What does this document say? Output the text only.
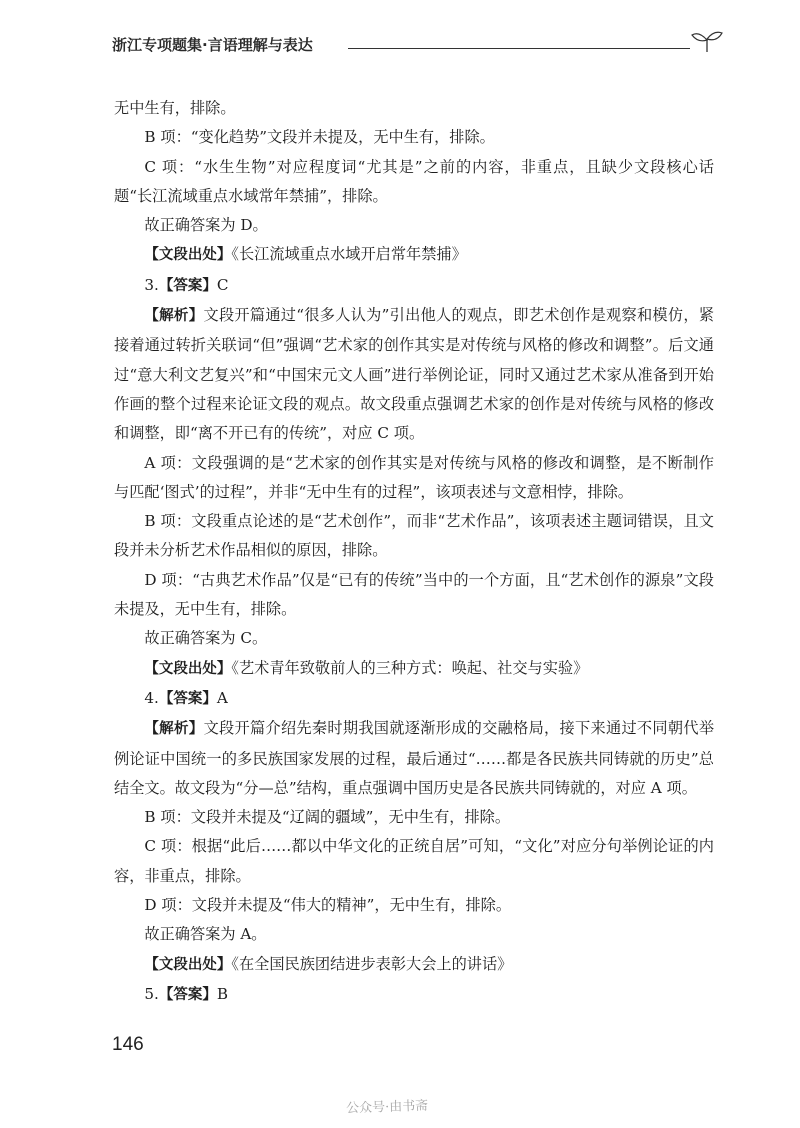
浙江专项题集·言语理解与表达

无中生有，排除。

B 项：“变化趋势”文段并未提及，无中生有，排除。

C 项：“水生生物”对应程度词“尤其是”之前的内容，非重点，且缺少文段核心话题“长江流域重点水域常年禁捕”，排除。

故正确答案为 D。

【文段出处】《长江流域重点水域开启常年禁捕》

3.【答案】C

【解析】文段开篇通过“很多人认为”引出他人的观点，即艺术创作是观察和模仿，紧接着通过转折关联词“但”强调“艺术家的创作其实是对传统与风格的修改和调整”。后文通过“意大利文艺复兴”和“中国宋元文人画”进行举例论证，同时又通过艺术家从准备到开始作画的整个过程来论证文段的观点。故文段重点强调艺术家的创作是对传统与风格的修改和调整，即“离不开已有的传统”，对应 C 项。

A 项：文段强调的是“艺术家的创作其实是对传统与风格的修改和调整，是不断制作与匹配‘图式’的过程”，并非“无中生有的过程”，该项表述与文意相悖，排除。

B 项：文段重点论述的是“艺术创作”，而非“艺术作品”，该项表述主题词错误，且文段并未分析艺术作品相似的原因，排除。

D 项：“古典艺术作品”仅是“已有的传统”当中的一个方面，且“艺术创作的源泉”文段未提及，无中生有，排除。

故正确答案为 C。

【文段出处】《艺术青年致敬前人的三种方式：唤起、社交与实验》

4.【答案】A

【解析】文段开篇介绍先秦时期我国就逐渐形成的交融格局，接下来通过不同朝代举例论证中国统一的多民族国家发展的过程，最后通过“……都是各民族共同铸就的历史”总结全文。故文段为“分—总”结构，重点强调中国历史是各民族共同铸就的，对应 A 项。

B 项：文段并未提及“辽阔的疆域”，无中生有，排除。

C 项：根据“此后……都以中华文化的正统自居”可知，“文化”对应分句举例论证的内容，非重点，排除。

D 项：文段并未提及“伟大的精神”，无中生有，排除。

故正确答案为 A。

【文段出处】《在全国民族团结进步表彰大会上的讲话》

5.【答案】B

146
公众号·由书斋
